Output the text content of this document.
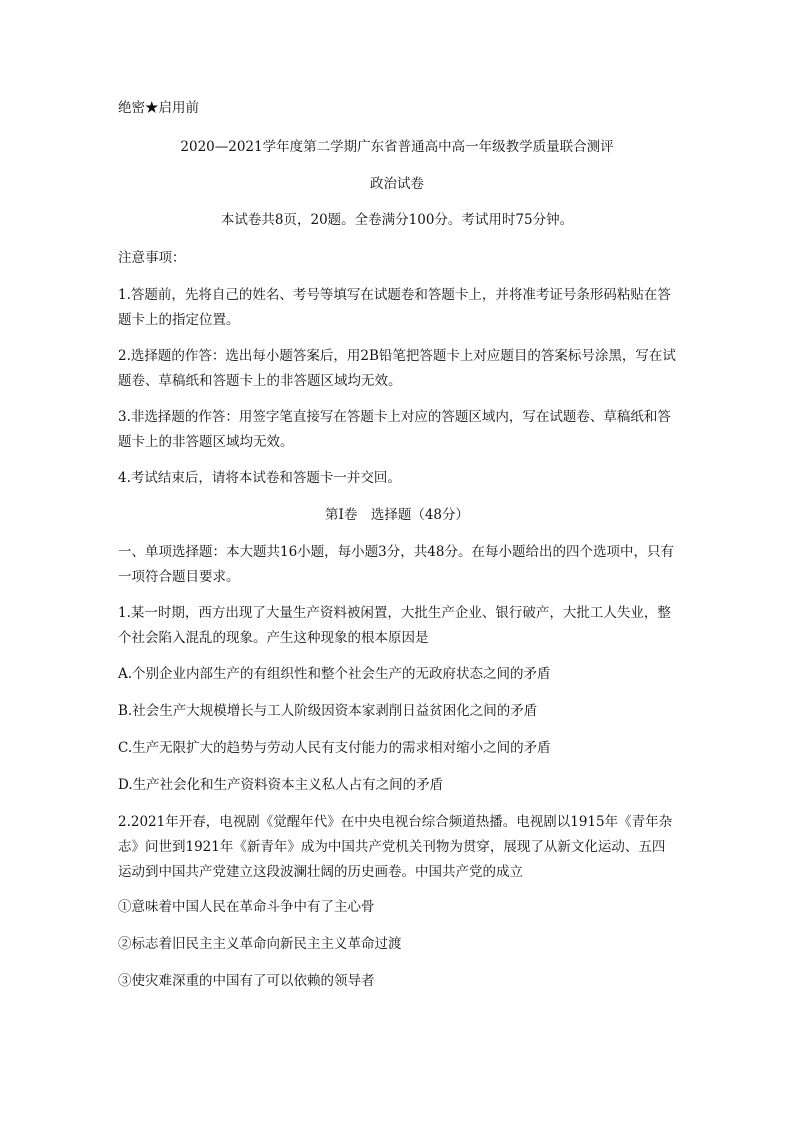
绝密★启用前
2020—2021学年度第二学期广东省普通高中高一年级教学质量联合测评
政治试卷
本试卷共8页，20题。全卷满分100分。考试用时75分钟。
注意事项：

1.答题前，先将自己的姓名、考号等填写在试题卷和答题卡上，并将准考证号条形码粘贴在答题卡上的指定位置。

2.选择题的作答：选出每小题答案后，用2B铅笔把答题卡上对应题目的答案标号涂黑，写在试题卷、草稿纸和答题卡上的非答题区域均无效。

3.非选择题的作答：用签字笔直接写在答题卡上对应的答题区域内，写在试题卷、草稿纸和答题卡上的非答题区域均无效。

4.考试结束后，请将本试卷和答题卡一并交回。
第Ⅰ卷　选择题（48分）
一、单项选择题：本大题共16小题，每小题3分，共48分。在每小题给出的四个选项中，只有一项符合题目要求。
1.某一时期，西方出现了大量生产资料被闲置，大批生产企业、银行破产，大批工人失业，整个社会陷入混乱的现象。产生这种现象的根本原因是
A.个别企业内部生产的有组织性和整个社会生产的无政府状态之间的矛盾
B.社会生产大规模增长与工人阶级因资本家剥削日益贫困化之间的矛盾
C.生产无限扩大的趋势与劳动人民有支付能力的需求相对缩小之间的矛盾
D.生产社会化和生产资料资本主义私人占有之间的矛盾
2.2021年开春，电视剧《觉醒年代》在中央电视台综合频道热播。电视剧以1915年《青年杂志》问世到1921年《新青年》成为中国共产党机关刊物为贯穿，展现了从新文化运动、五四运动到中国共产党建立这段波澜壮阔的历史画卷。中国共产党的成立
①意味着中国人民在革命斗争中有了主心骨
②标志着旧民主主义革命向新民主主义革命过渡
③使灾难深重的中国有了可以依赖的领导者
